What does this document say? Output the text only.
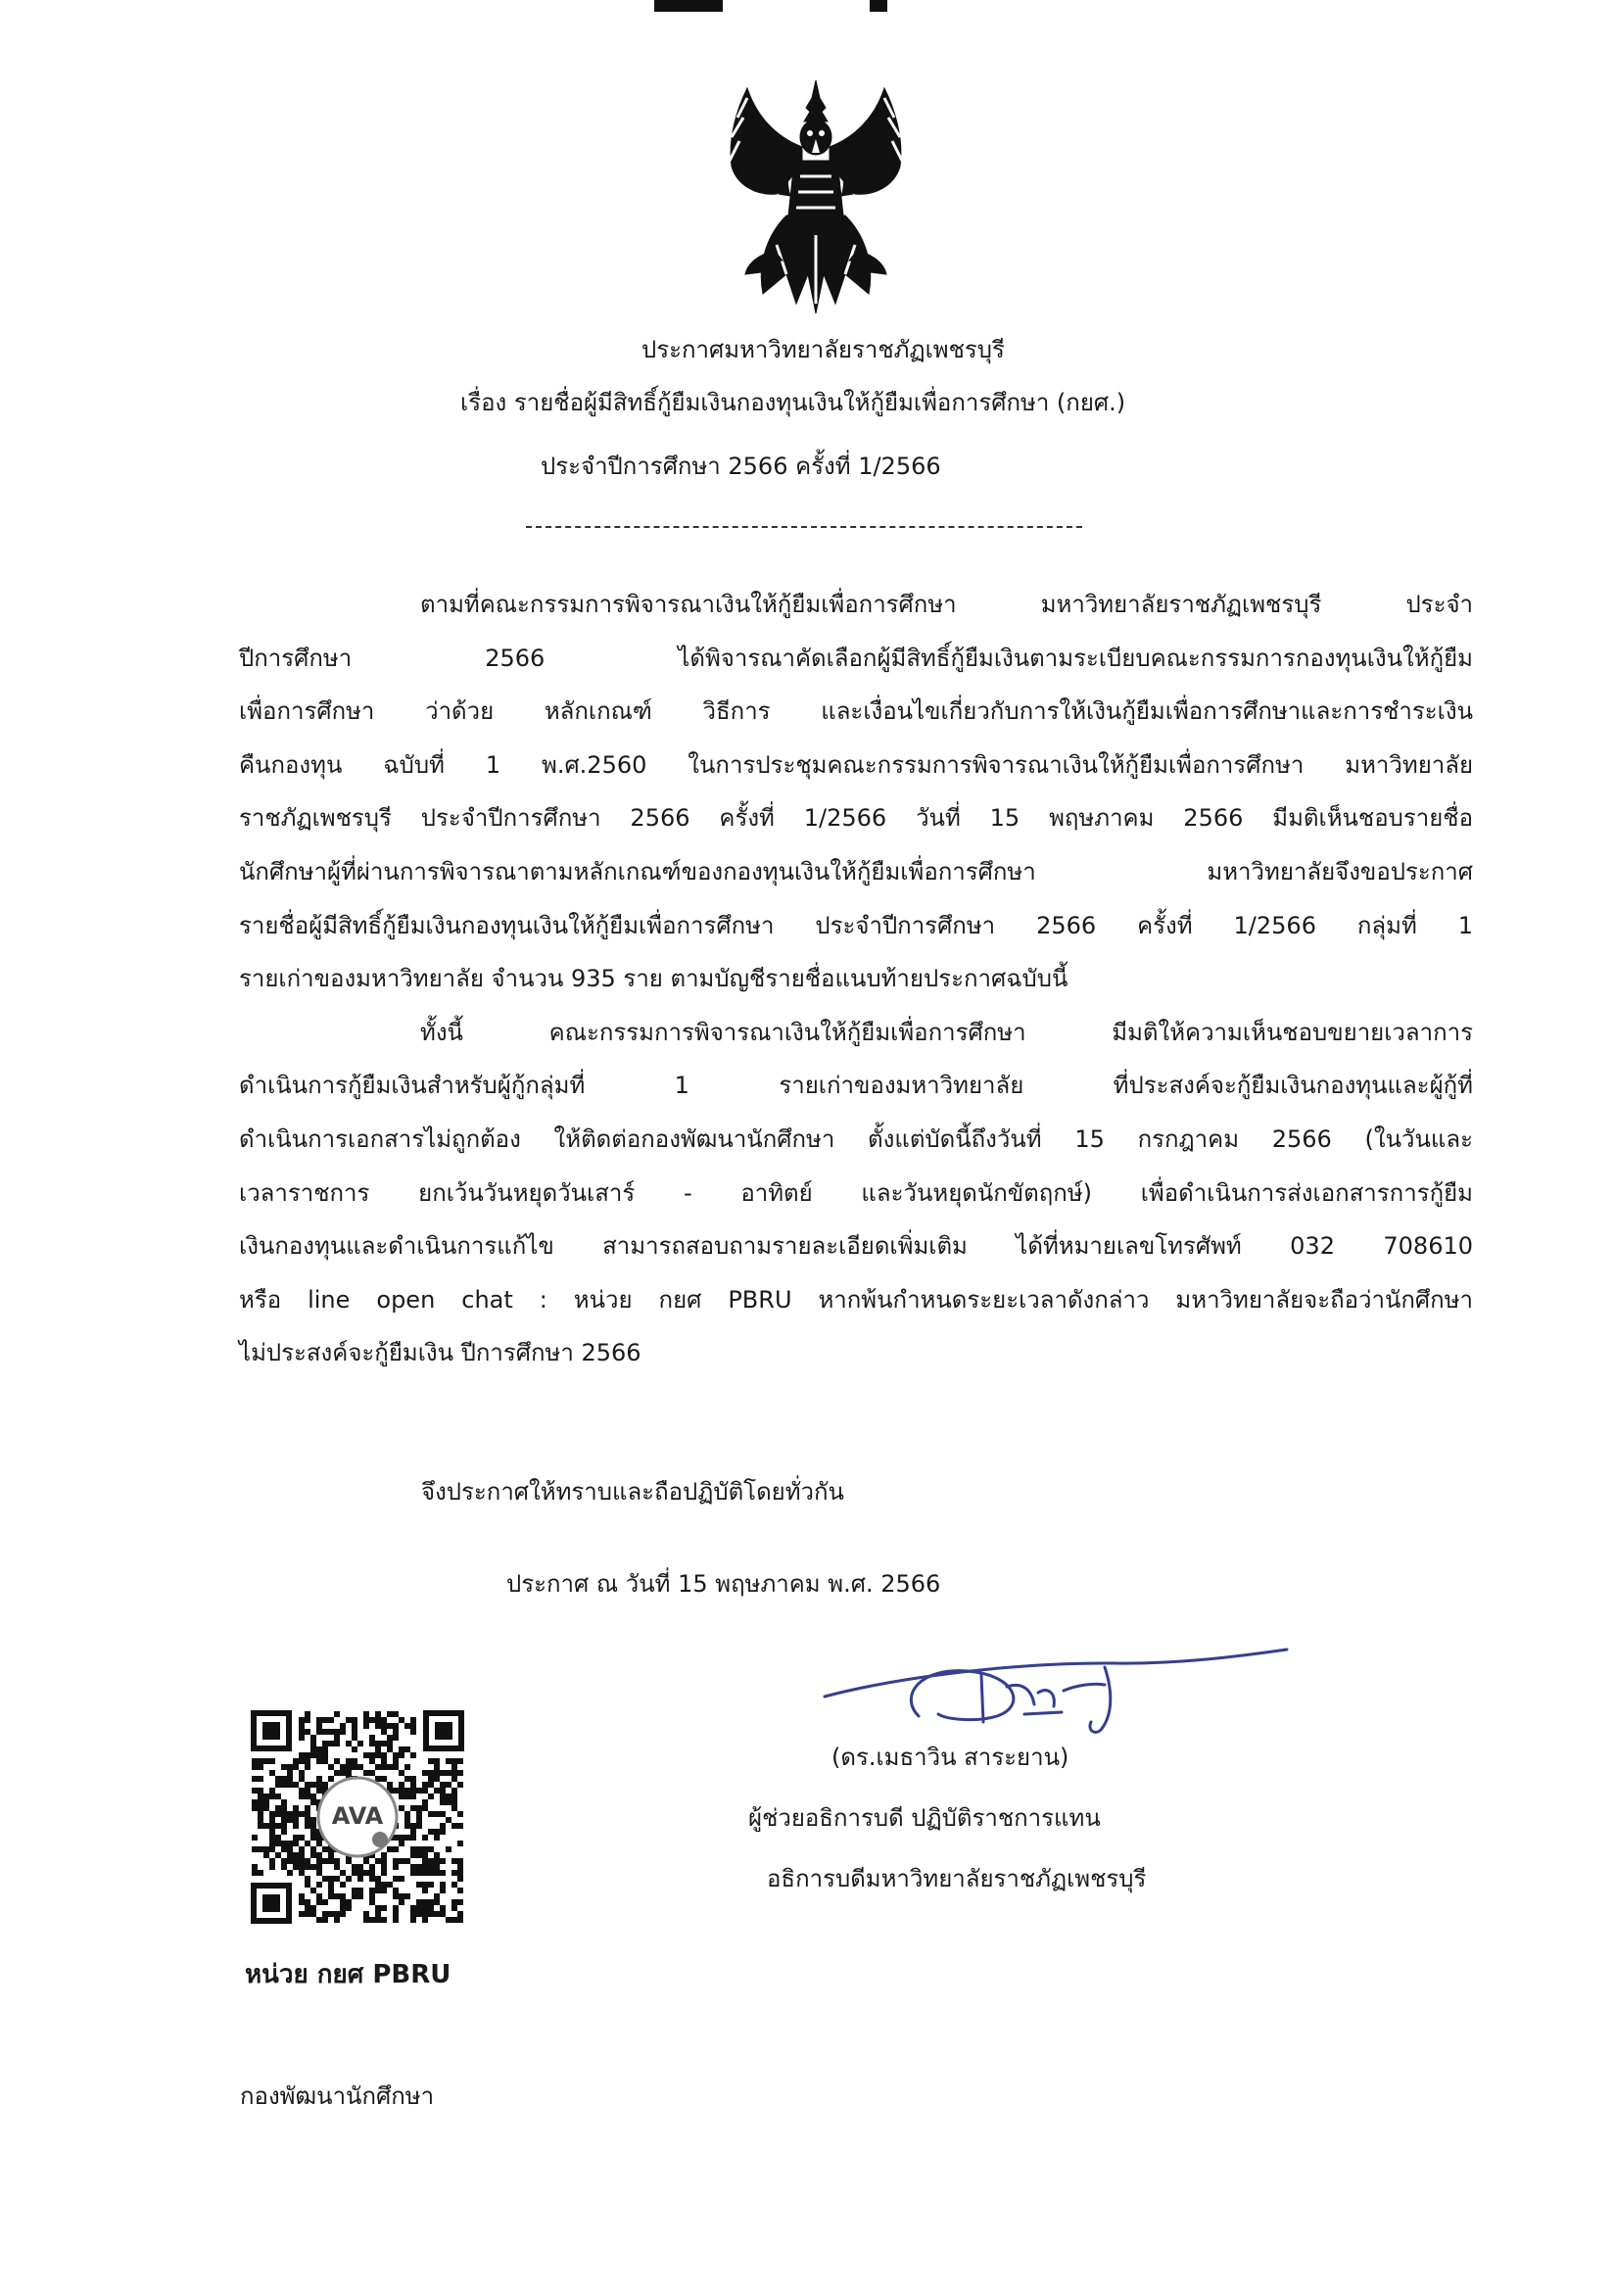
ประกาศมหาวิทยาลัยราชภัฏเพชรบุรี
เรื่อง รายชื่อผู้มีสิทธิ์กู้ยืมเงินกองทุนเงินให้กู้ยืมเพื่อการศึกษา (กยศ.)
ประจำปีการศึกษา 2566 ครั้งที่ 1/2566

ตามที่คณะกรรมการพิจารณาเงินให้กู้ยืมเพื่อการศึกษา มหาวิทยาลัยราชภัฏเพชรบุรี ประจำ

ปีการศึกษา 2566 ได้พิจารณาคัดเลือกผู้มีสิทธิ์กู้ยืมเงินตามระเบียบคณะกรรมการกองทุนเงินให้กู้ยืม

เพื่อการศึกษา ว่าด้วย หลักเกณฑ์ วิธีการ และเงื่อนไขเกี่ยวกับการให้เงินกู้ยืมเพื่อการศึกษาและการชำระเงิน

คืนกองทุน ฉบับที่ 1 พ.ศ.2560 ในการประชุมคณะกรรมการพิจารณาเงินให้กู้ยืมเพื่อการศึกษา มหาวิทยาลัย

ราชภัฏเพชรบุรี ประจำปีการศึกษา 2566 ครั้งที่ 1/2566 วันที่ 15 พฤษภาคม 2566 มีมติเห็นชอบรายชื่อ

นักศึกษาผู้ที่ผ่านการพิจารณาตามหลักเกณฑ์ของกองทุนเงินให้กู้ยืมเพื่อการศึกษา มหาวิทยาลัยจึงขอประกาศ

รายชื่อผู้มีสิทธิ์กู้ยืมเงินกองทุนเงินให้กู้ยืมเพื่อการศึกษา ประจำปีการศึกษา 2566 ครั้งที่ 1/2566 กลุ่มที่ 1

รายเก่าของมหาวิทยาลัย จำนวน 935 ราย ตามบัญชีรายชื่อแนบท้ายประกาศฉบับนี้

ทั้งนี้ คณะกรรมการพิจารณาเงินให้กู้ยืมเพื่อการศึกษา มีมติให้ความเห็นชอบขยายเวลาการ

ดำเนินการกู้ยืมเงินสำหรับผู้กู้กลุ่มที่ 1 รายเก่าของมหาวิทยาลัย ที่ประสงค์จะกู้ยืมเงินกองทุนและผู้กู้ที่

ดำเนินการเอกสารไม่ถูกต้อง ให้ติดต่อกองพัฒนานักศึกษา ตั้งแต่บัดนี้ถึงวันที่ 15 กรกฎาคม 2566 (ในวันและ

เวลาราชการ ยกเว้นวันหยุดวันเสาร์ - อาทิตย์ และวันหยุดนักขัตฤกษ์) เพื่อดำเนินการส่งเอกสารการกู้ยืม

เงินกองทุนและดำเนินการแก้ไข สามารถสอบถามรายละเอียดเพิ่มเติม ได้ที่หมายเลขโทรศัพท์ 032 708610

หรือ line open chat : หน่วย กยศ PBRU หากพ้นกำหนดระยะเวลาดังกล่าว มหาวิทยาลัยจะถือว่านักศึกษา

ไม่ประสงค์จะกู้ยืมเงิน ปีการศึกษา 2566

จึงประกาศให้ทราบและถือปฏิบัติโดยทั่วกัน
ประกาศ ณ วันที่ 15 พฤษภาคม พ.ศ. 2566
(ดร.เมธาวิน สาระยาน)
ผู้ช่วยอธิการบดี ปฏิบัติราชการแทน
อธิการบดีมหาวิทยาลัยราชภัฏเพชรบุรี
AVA
หน่วย กยศ PBRU
กองพัฒนานักศึกษา
